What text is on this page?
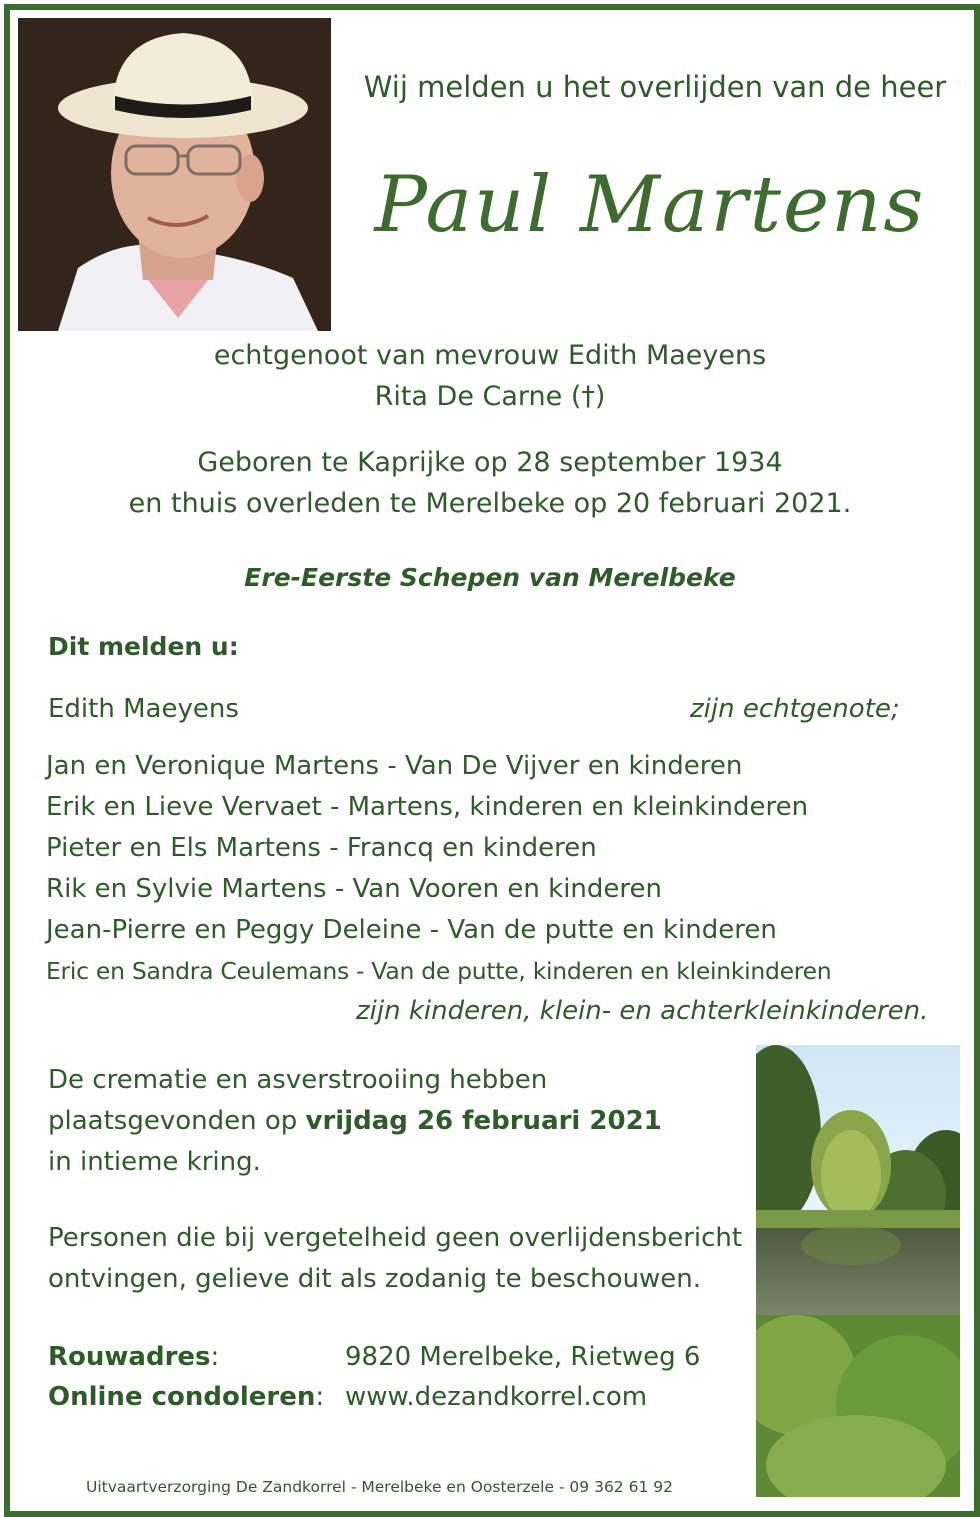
Wij melden u het overlijden van de heer
Paul Martens
echtgenoot van mevrouw Edith Maeyens
Rita De Carne (†)
Geboren te Kaprijke op 28 september 1934
en thuis overleden te Merelbeke op 20 februari 2021.
Ere-Eerste Schepen van Merelbeke
Dit melden u:
Edith Maeyens	zijn echtgenote;
Jan en Veronique Martens - Van De Vijver en kinderen
Erik en Lieve Vervaet - Martens, kinderen en kleinkinderen
Pieter en Els Martens - Francq en kinderen
Rik en Sylvie Martens - Van Vooren en kinderen
Jean-Pierre en Peggy Deleine - Van de putte en kinderen
Eric en Sandra Ceulemans - Van de putte, kinderen en kleinkinderen
zijn kinderen, klein- en achterkleinkinderen.
De crematie en asverstrooiing hebben
plaatsgevonden op vrijdag 26 februari 2021
in intieme kring.
Personen die bij vergetelheid geen overlijdensbericht
ontvingen, gelieve dit als zodanig te beschouwen.
Rouwadres:	9820 Merelbeke, Rietweg 6
Online condoleren: www.dezandkorrel.com
Uitvaartverzorging De Zandkorrel - Merelbeke en Oosterzele - 09 362 61 92
